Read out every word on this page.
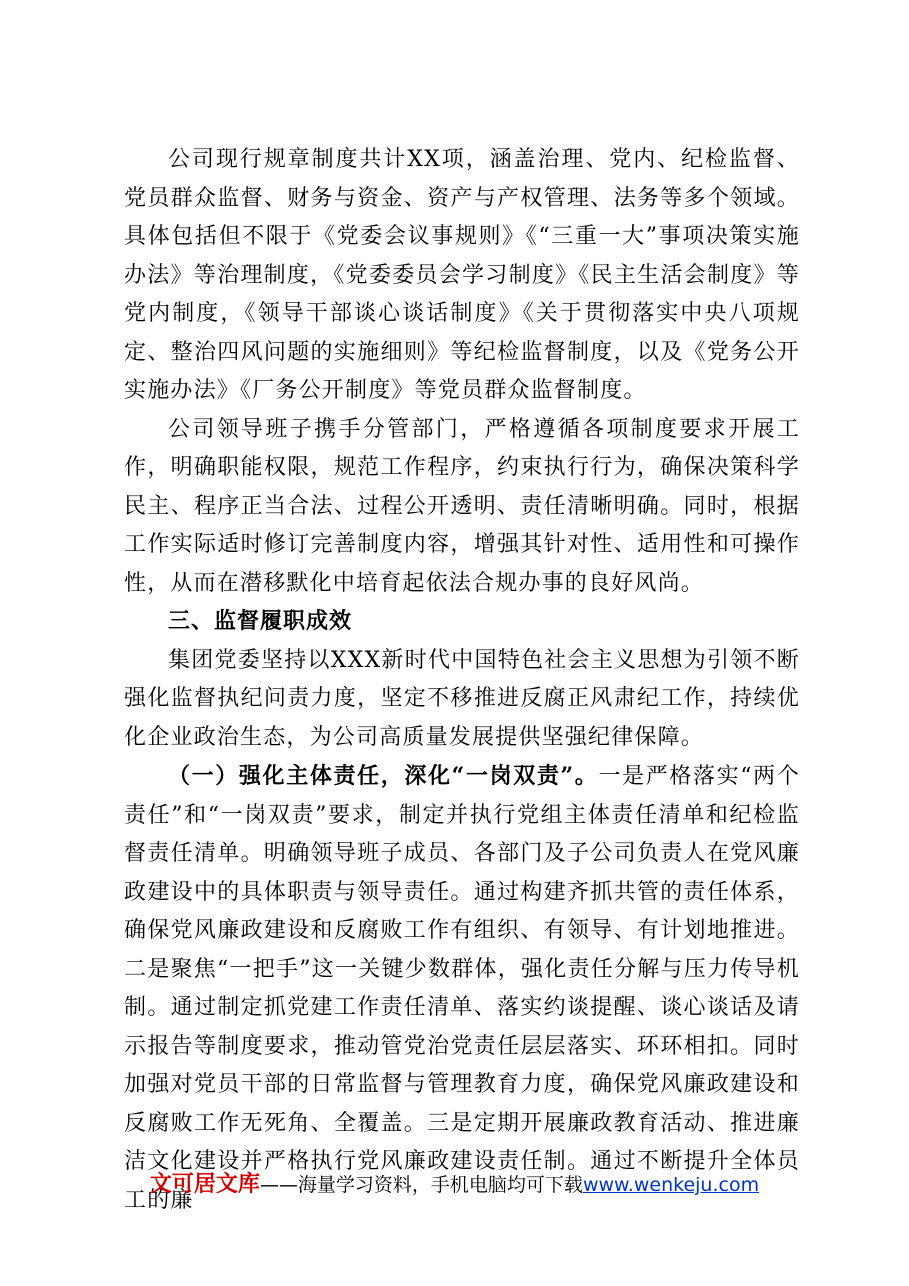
公司现行规章制度共计XX项，涵盖治理、党内、纪检监督、党员群众监督、财务与资金、资产与产权管理、法务等多个领域。具体包括但不限于《党委会议事规则》《“三重一大”事项决策实施办法》等治理制度，《党委委员会学习制度》《民主生活会制度》等党内制度，《领导干部谈心谈话制度》《关于贯彻落实中央八项规定、整治四风问题的实施细则》等纪检监督制度，以及《党务公开实施办法》《厂务公开制度》等党员群众监督制度。

公司领导班子携手分管部门，严格遵循各项制度要求开展工作，明确职能权限，规范工作程序，约束执行行为，确保决策科学民主、程序正当合法、过程公开透明、责任清晰明确。同时，根据工作实际适时修订完善制度内容，增强其针对性、适用性和可操作性，从而在潜移默化中培育起依法合规办事的良好风尚。

三、监督履职成效

集团党委坚持以XXX新时代中国特色社会主义思想为引领不断强化监督执纪问责力度，坚定不移推进反腐正风肃纪工作，持续优化企业政治生态，为公司高质量发展提供坚强纪律保障。

（一）强化主体责任，深化“一岗双责”。一是严格落实“两个责任”和“一岗双责”要求，制定并执行党组主体责任清单和纪检监督责任清单。明确领导班子成员、各部门及子公司负责人在党风廉政建设中的具体职责与领导责任。通过构建齐抓共管的责任体系，确保党风廉政建设和反腐败工作有组织、有领导、有计划地推进。二是聚焦“一把手”这一关键少数群体，强化责任分解与压力传导机制。通过制定抓党建工作责任清单、落实约谈提醒、谈心谈话及请示报告等制度要求，推动管党治党责任层层落实、环环相扣。同时加强对党员干部的日常监督与管理教育力度，确保党风廉政建设和反腐败工作无死角、全覆盖。三是定期开展廉政教育活动、推进廉洁文化建设并严格执行党风廉政建设责任制。通过不断提升全体员工的廉

文可居文库——海量学习资料，手机电脑均可下载www.wenkeju.com
